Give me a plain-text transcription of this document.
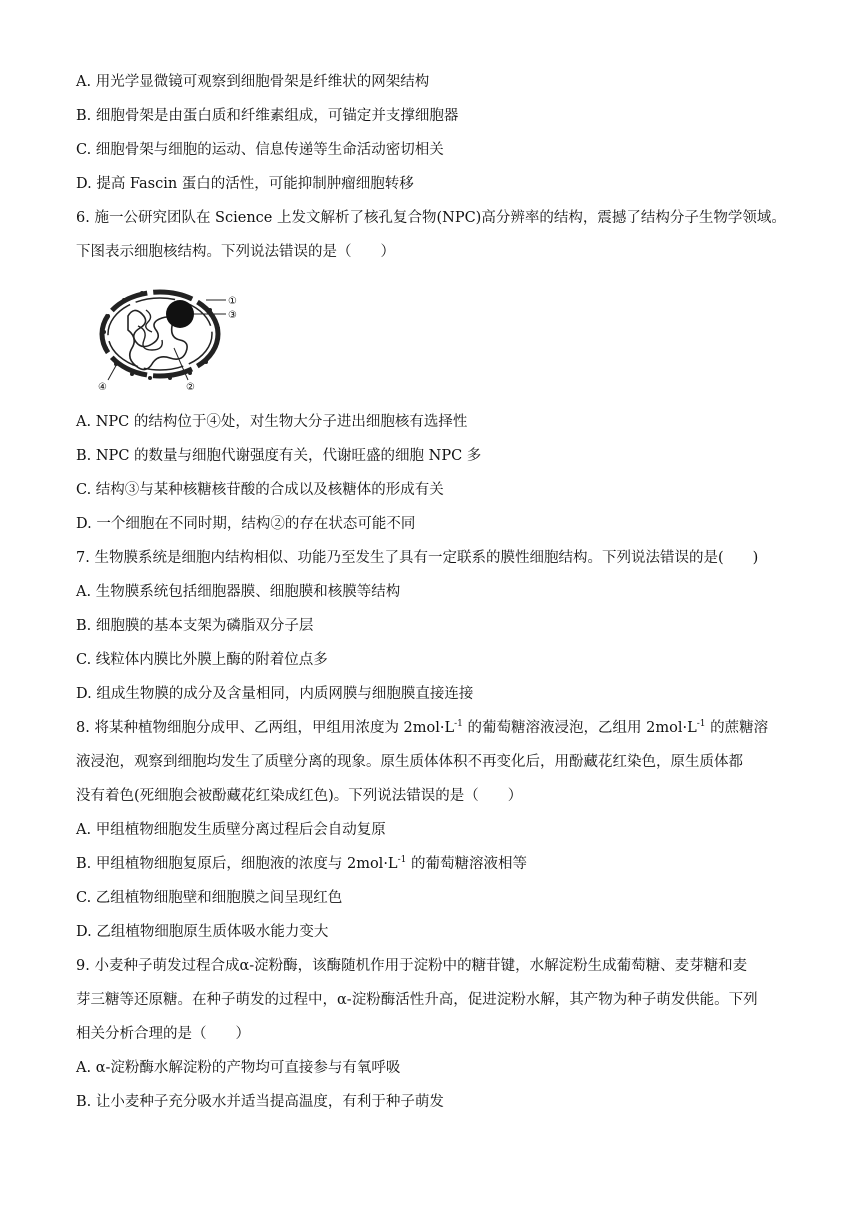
A. 用光学显微镜可观察到细胞骨架是纤维状的网架结构
B. 细胞骨架是由蛋白质和纤维素组成，可锚定并支撑细胞器
C. 细胞骨架与细胞的运动、信息传递等生命活动密切相关
D. 提高 Fascin 蛋白的活性，可能抑制肿瘤细胞转移
6. 施一公研究团队在 Science 上发文解析了核孔复合物(NPC)高分辨率的结构，震撼了结构分子生物学领域。
下图表示细胞核结构。下列说法错误的是（　　）
①
③
④	②
A. NPC 的结构位于④处，对生物大分子进出细胞核有选择性
B. NPC 的数量与细胞代谢强度有关，代谢旺盛的细胞 NPC 多
C. 结构③与某种核糖核苷酸的合成以及核糖体的形成有关
D. 一个细胞在不同时期，结构②的存在状态可能不同
7. 生物膜系统是细胞内结构相似、功能乃至发生了具有一定联系的膜性细胞结构。下列说法错误的是(　　)
A. 生物膜系统包括细胞器膜、细胞膜和核膜等结构
B. 细胞膜的基本支架为磷脂双分子层
C. 线粒体内膜比外膜上酶的附着位点多
D. 组成生物膜的成分及含量相同，内质网膜与细胞膜直接连接
8. 将某种植物细胞分成甲、乙两组，甲组用浓度为 $2mol\cdot L^{-1}$ 的葡萄糖溶液浸泡，乙组用 $2mol\cdot L^{-1}$ 的蔗糖溶
液浸泡，观察到细胞均发生了质壁分离的现象。原生质体体积不再变化后，用酚藏花红染色，原生质体都
没有着色(死细胞会被酚藏花红染成红色)。下列说法错误的是（　　）
A. 甲组植物细胞发生质壁分离过程后会自动复原
B. 甲组植物细胞复原后，细胞液的浓度与 $2mol\cdot L^{-1}$ 的葡萄糖溶液相等
C. 乙组植物细胞壁和细胞膜之间呈现红色
D. 乙组植物细胞原生质体吸水能力变大
9. 小麦种子萌发过程合成α-淀粉酶，该酶随机作用于淀粉中的糖苷键，水解淀粉生成葡萄糖、麦芽糖和麦
芽三糖等还原糖。在种子萌发的过程中，α-淀粉酶活性升高，促进淀粉水解，其产物为种子萌发供能。下列
相关分析合理的是（　　）
A. α-淀粉酶水解淀粉的产物均可直接参与有氧呼吸
B. 让小麦种子充分吸水并适当提高温度，有利于种子萌发
